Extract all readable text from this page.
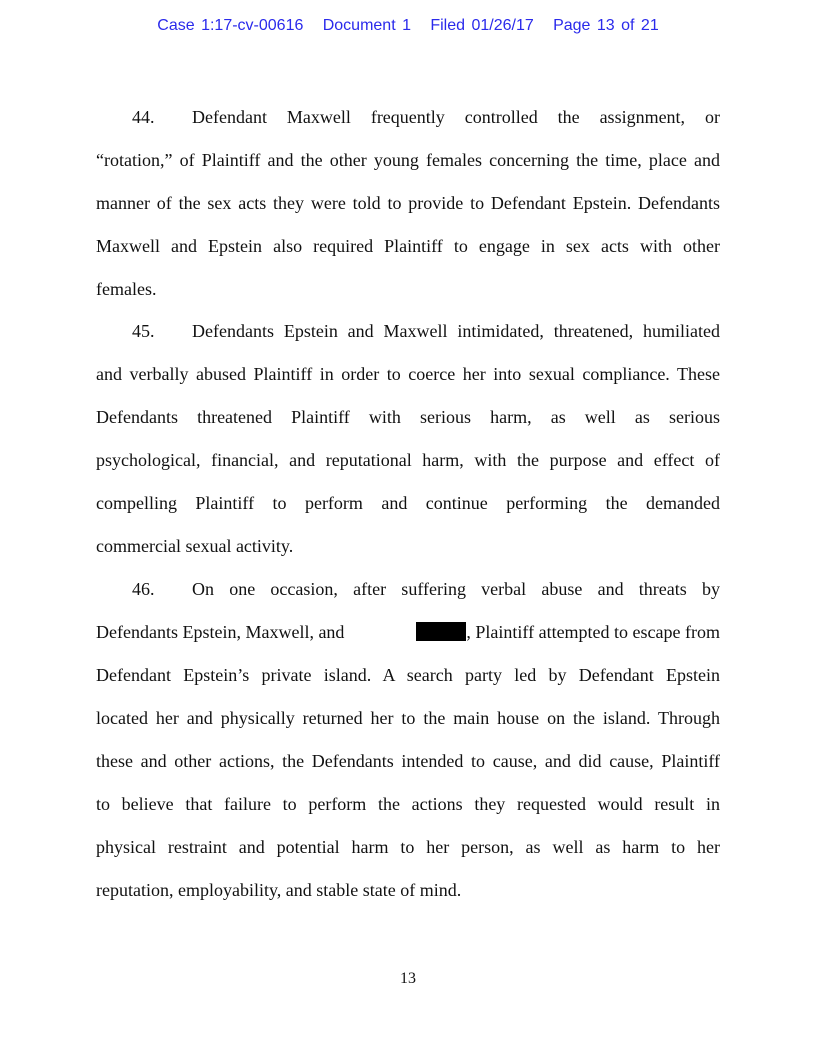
Case 1:17-cv-00616 Document 1 Filed 01/26/17 Page 13 of 21
44. Defendant Maxwell frequently controlled the assignment, or
“rotation,” of Plaintiff and the other young females concerning the time, place and
manner of the sex acts they were told to provide to Defendant Epstein. Defendants
Maxwell and Epstein also required Plaintiff to engage in sex acts with other
females.
45. Defendants Epstein and Maxwell intimidated, threatened, humiliated
and verbally abused Plaintiff in order to coerce her into sexual compliance. These
Defendants threatened Plaintiff with serious harm, as well as serious
psychological, financial, and reputational harm, with the purpose and effect of
compelling Plaintiff to perform and continue performing the demanded
commercial sexual activity.
46. On one occasion, after suffering verbal abuse and threats by
Defendants Epstein, Maxwell, and	, Plaintiff attempted to escape from
Defendant Epstein’s private island. A search party led by Defendant Epstein
located her and physically returned her to the main house on the island. Through
these and other actions, the Defendants intended to cause, and did cause, Plaintiff
to believe that failure to perform the actions they requested would result in
physical restraint and potential harm to her person, as well as harm to her
reputation, employability, and stable state of mind.
13
